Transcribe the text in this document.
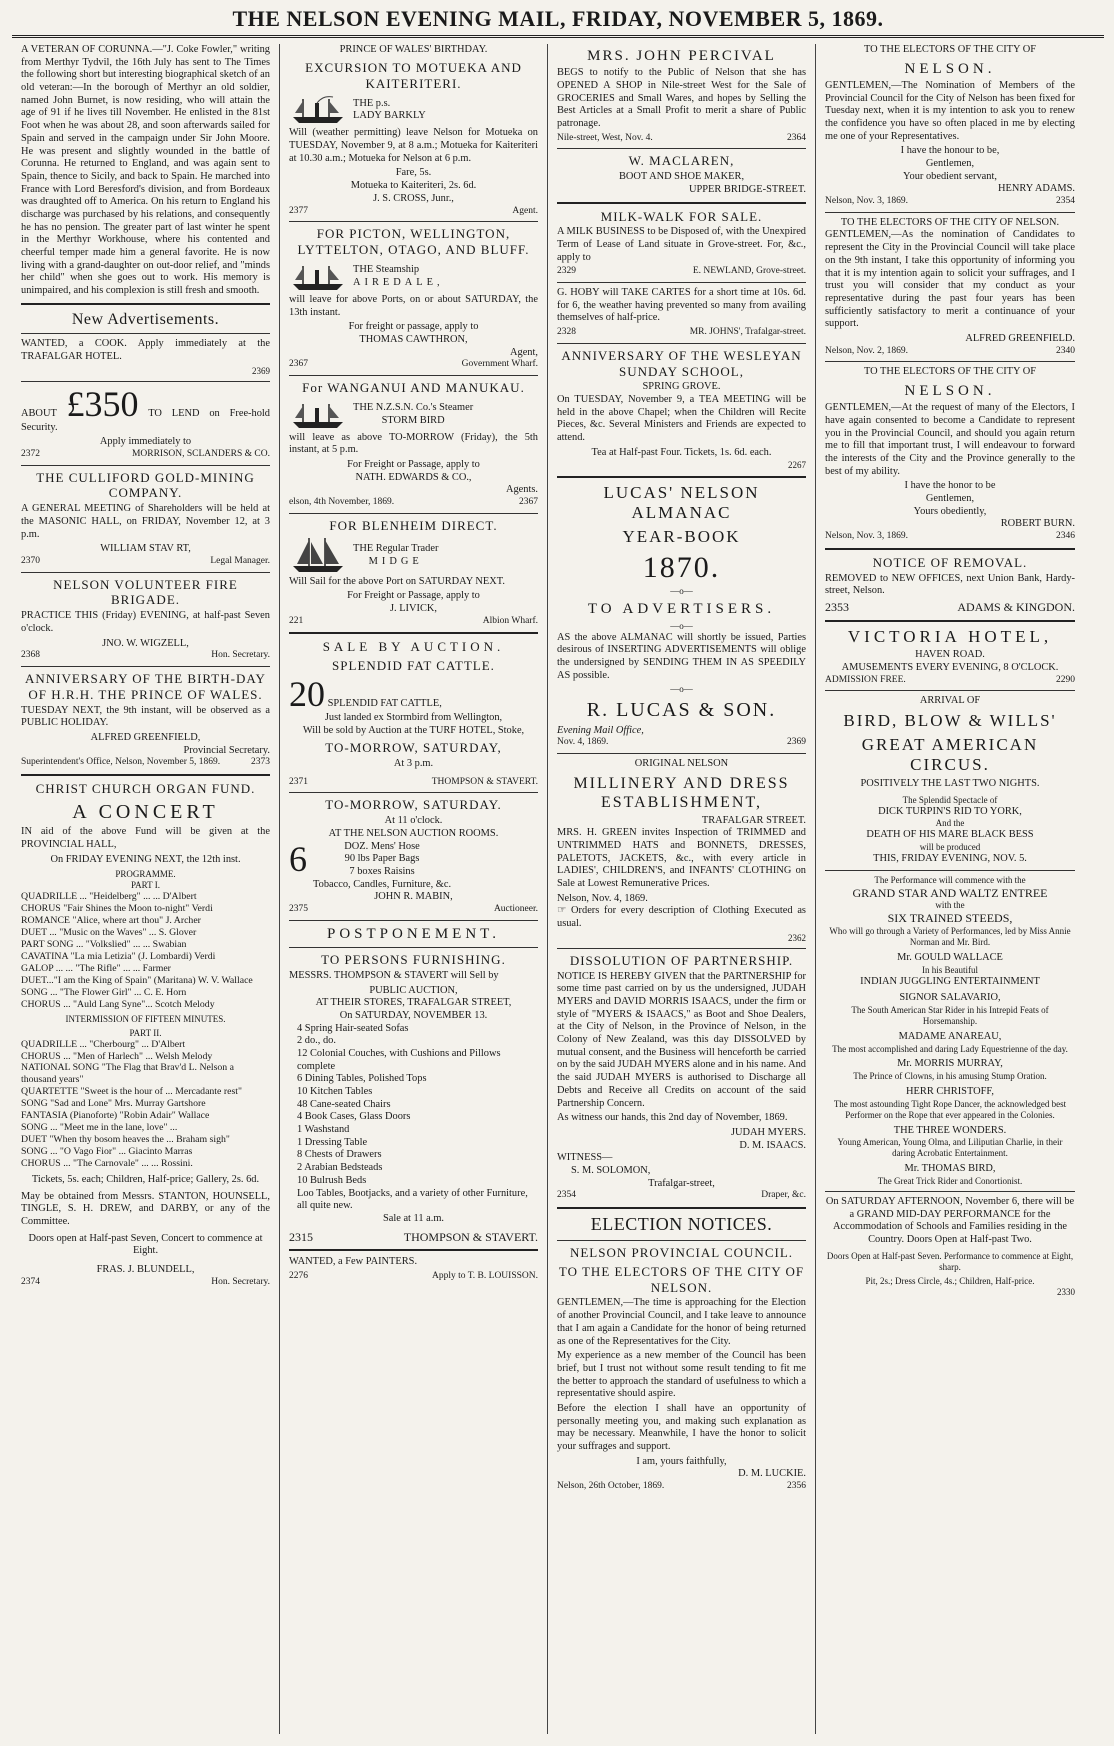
THE NELSON EVENING MAIL, FRIDAY, NOVEMBER 5, 1869.

A VETERAN OF CORUNNA.—"J. Coke Fowler," writing from Merthyr Tydvil, the 16th July has sent to The Times the following short but interesting biographical sketch of an old veteran:—In the borough of Merthyr an old soldier, named John Burnet, is now residing, who will attain the age of 91 if he lives till November. He enlisted in the 81st Foot when he was about 28, and soon afterwards sailed for Spain and served in the campaign under Sir John Moore. He was present and slightly wounded in the battle of Corunna. He returned to England, and was again sent to Spain, thence to Sicily, and back to Spain. He marched into France with Lord Beresford's division, and from Bordeaux was draughted off to America. On his return to England his discharge was purchased by his relations, and consequently he has no pension. The greater part of last winter he spent in the Merthyr Workhouse, where his contented and cheerful temper made him a general favorite. He is now living with a grand-daughter on out-door relief, and "minds her child" when she goes out to work. His memory is unimpaired, and his complexion is still fresh and smooth.

New Advertisements.

WANTED, a COOK. Apply immediately at the TRAFALGAR HOTEL.

2369

ABOUT £350 TO LEND on Free-hold Security.

Apply immediately to
2372	MORRISON, SCLANDERS & CO.
THE CULLIFORD GOLD-MINING COMPANY.

A GENERAL MEETING of Shareholders will be held at the MASONIC HALL, on FRIDAY, November 12, at 3 p.m.

WILLIAM STAV RT,
2370	Legal Manager.
NELSON VOLUNTEER FIRE BRIGADE.

PRACTICE THIS (Friday) EVENING, at half-past Seven o'clock.

JNO. W. WIGZELL,
2368	Hon. Secretary.
ANNIVERSARY OF THE BIRTH-DAY OF H.R.H. THE PRINCE OF WALES.

TUESDAY NEXT, the 9th instant, will be observed as a PUBLIC HOLIDAY.

ALFRED GREENFIELD,
Provincial Secretary.
Superintendent's Office, Nelson, November 5, 1869.	2373
CHRIST CHURCH ORGAN FUND.
A CONCERT

IN aid of the above Fund will be given at the PROVINCIAL HALL,

On FRIDAY EVENING NEXT, the 12th inst.
PROGRAMME.
PART I.
QUADRILLE ... "Heidelberg" ... ... D'Albert
CHORUS "Fair Shines the Moon to-night" Verdi
ROMANCE "Alice, where art thou" J. Archer
DUET ... "Music on the Waves" ... S. Glover
PART SONG ... "Volkslied" ... ... Swabian
CAVATINA "La mia Letizia" (J. Lombardi) Verdi
GALOP ... ... "The Rifle" ... ... Farmer
DUET..."I am the King of Spain" (Maritana) W. V. Wallace
SONG ... "The Flower Girl" ... C. E. Horn
CHORUS ... "Auld Lang Syne"... Scotch Melody
INTERMISSION OF FIFTEEN MINUTES.
PART II.
QUADRILLE ... "Cherbourg" ... D'Albert
CHORUS ... "Men of Harlech" ... Welsh Melody
NATIONAL SONG "The Flag that Brav'd L. Nelson a thousand years"
QUARTETTE "Sweet is the hour of ... Mercadante rest"
SONG "Sad and Lone" Mrs. Murray Gartshore
FANTASIA (Pianoforte) "Robin Adair" Wallace
SONG ... "Meet me in the lane, love" ...
DUET "When thy bosom heaves the ... Braham sigh"
SONG ... "O Vago Fior" ... Giacinto Marras
CHORUS ... "The Carnovale" ... ... Rossini.
Tickets, 5s. each; Children, Half-price; Gallery, 2s. 6d.

May be obtained from Messrs. STANTON, HOUNSELL, TINGLE, S. H. DREW, and DARBY, or any of the Committee.

Doors open at Half-past Seven, Concert to commence at Eight.
FRAS. J. BLUNDELL,
2374	Hon. Secretary.
PRINCE OF WALES' BIRTHDAY.
EXCURSION TO MOTUEKA AND KAITERITERI.
THE p.s.
LADY BARKLY

Will (weather permitting) leave Nelson for Motueka on TUESDAY, November 9, at 8 a.m.; Motueka for Kaiteriteri at 10.30 a.m.; Motueka for Nelson at 6 p.m.

Fare, 5s.
Motueka to Kaiteriteri, 2s. 6d.
J. S. CROSS, Junr.,
2377	Agent.
FOR PICTON, WELLINGTON, LYTTELTON, OTAGO, AND BLUFF.
THE Steamship
AIREDALE,

will leave for above Ports, on or about SATURDAY, the 13th instant.

For freight or passage, apply to
THOMAS CAWTHRON,
Agent,
2367	Government Wharf.
For WANGANUI AND MANUKAU.
THE N.Z.S.N. Co.'s Steamer
STORM BIRD

will leave as above TO-MORROW (Friday), the 5th instant, at 5 p.m.

For Freight or Passage, apply to
NATH. EDWARDS & CO.,
Agents.
elson, 4th November, 1869.	2367
FOR BLENHEIM DIRECT.
THE Regular Trader
MIDGE

Will Sail for the above Port on SATURDAY NEXT.

For Freight or Passage, apply to
J. LIVICK,
221	Albion Wharf.
SALE BY AUCTION.
SPLENDID FAT CATTLE.
20 SPLENDID FAT CATTLE,
Just landed ex Stormbird from Wellington,
Will be sold by Auction at the TURF HOTEL, Stoke,
TO-MORROW, SATURDAY,
At 3 p.m.
2371	THOMPSON & STAVERT.
TO-MORROW, SATURDAY.
At 11 o'clock.
AT THE NELSON AUCTION ROOMS.
6	DOZ. Mens' Hose
90 lbs Paper Bags
7 boxes Raisins
Tobacco, Candles, Furniture, &c.
JOHN R. MABIN,
2375	Auctioneer.
POSTPONEMENT.
TO PERSONS FURNISHING.

MESSRS. THOMPSON & STAVERT will Sell by

PUBLIC AUCTION,
AT THEIR STORES, TRAFALGAR STREET,
On SATURDAY, NOVEMBER 13.
4 Spring Hair-seated Sofas
2 do., do.
12 Colonial Couches, with Cushions and Pillows complete
6 Dining Tables, Polished Tops
10 Kitchen Tables
48 Cane-seated Chairs
4 Book Cases, Glass Doors
1 Washstand
1 Dressing Table
8 Chests of Drawers
2 Arabian Bedsteads
10 Bulrush Beds
Loo Tables, Bootjacks, and a variety of other Furniture, all quite new.
Sale at 11 a.m.
2315	THOMPSON & STAVERT.

WANTED, a Few PAINTERS.

2276	Apply to T. B. LOUISSON.
MRS. JOHN PERCIVAL

BEGS to notify to the Public of Nelson that she has OPENED A SHOP in Nile-street West for the Sale of GROCERIES and Small Wares, and hopes by Selling the Best Articles at a Small Profit to merit a share of Public patronage.

Nile-street, West, Nov. 4.	2364
W. MACLAREN,
BOOT AND SHOE MAKER,
UPPER BRIDGE-STREET.
MILK-WALK FOR SALE.

A MILK BUSINESS to be Disposed of, with the Unexpired Term of Lease of Land situate in Grove-street. For, &c., apply to

2329	E. NEWLAND, Grove-street.

G. HOBY will TAKE CARTES for a short time at 10s. 6d. for 6, the weather having prevented so many from availing themselves of half-price.

2328	MR. JOHNS', Trafalgar-street.
ANNIVERSARY OF THE WESLEYAN SUNDAY SCHOOL,
SPRING GROVE.

On TUESDAY, November 9, a TEA MEETING will be held in the above Chapel; when the Children will Recite Pieces, &c. Several Ministers and Friends are expected to attend.

Tea at Half-past Four. Tickets, 1s. 6d. each.
2267
LUCAS' NELSON ALMANAC
YEAR-BOOK
1870.
—o—
TO ADVERTISERS.
—o—

AS the above ALMANAC will shortly be issued, Parties desirous of INSERTING ADVERTISEMENTS will oblige the undersigned by SENDING THEM IN AS SPEEDILY AS possible.

—o—
R. LUCAS & SON.
Evening Mail Office,
Nov. 4, 1869.	2369
ORIGINAL NELSON
MILLINERY AND DRESS ESTABLISHMENT,
TRAFALGAR STREET.

MRS. H. GREEN invites Inspection of TRIMMED and UNTRIMMED HATS and BONNETS, DRESSES, PALETOTS, JACKETS, &c., with every article in LADIES', CHILDREN'S, and INFANTS' CLOTHING on Sale at Lowest Remunerative Prices.

Nelson, Nov. 4, 1869.

☞ Orders for every description of Clothing Executed as usual.

2362
DISSOLUTION OF PARTNERSHIP.

NOTICE IS HEREBY GIVEN that the PARTNERSHIP for some time past carried on by us the undersigned, JUDAH MYERS and DAVID MORRIS ISAACS, under the firm or style of "MYERS & ISAACS," as Boot and Shoe Dealers, at the City of Nelson, in the Province of Nelson, in the Colony of New Zealand, was this day DISSOLVED by mutual consent, and the Business will henceforth be carried on by the said JUDAH MYERS alone and in his name. And the said JUDAH MYERS is authorised to Discharge all Debts and Receive all Credits on account of the said Partnership Concern.

As witness our hands, this 2nd day of November, 1869.

JUDAH MYERS.
D. M. ISAACS.
WITNESS—
S. M. SOLOMON,
Trafalgar-street,
2354	Draper, &c.
ELECTION NOTICES.
NELSON PROVINCIAL COUNCIL.
TO THE ELECTORS OF THE CITY OF NELSON.

GENTLEMEN,—The time is approaching for the Election of another Provincial Council, and I take leave to announce that I am again a Candidate for the honor of being returned as one of the Representatives for the City.

My experience as a new member of the Council has been brief, but I trust not without some result tending to fit me the better to approach the standard of usefulness to which a representative should aspire.

Before the election I shall have an opportunity of personally meeting you, and making such explanation as may be necessary. Meanwhile, I have the honor to solicit your suffrages and support.

I am, yours faithfully,
D. M. LUCKIE.
Nelson, 26th October, 1869.	2356
TO THE ELECTORS OF THE CITY OF
NELSON.

GENTLEMEN,—The Nomination of Members of the Provincial Council for the City of Nelson has been fixed for Tuesday next, when it is my intention to ask you to renew the confidence you have so often placed in me by electing me one of your Representatives.

I have the honour to be,
Gentlemen,
Your obedient servant,
HENRY ADAMS.
Nelson, Nov. 3, 1869.	2354
TO THE ELECTORS OF THE CITY OF NELSON.

GENTLEMEN,—As the nomination of Candidates to represent the City in the Provincial Council will take place on the 9th instant, I take this opportunity of informing you that it is my intention again to solicit your suffrages, and I trust you will consider that my conduct as your representative during the past four years has been sufficiently satisfactory to merit a continuance of your support.

ALFRED GREENFIELD.
Nelson, Nov. 2, 1869.	2340
TO THE ELECTORS OF THE CITY OF
NELSON.

GENTLEMEN,—At the request of many of the Electors, I have again consented to become a Candidate to represent you in the Provincial Council, and should you again return me to fill that important trust, I will endeavour to forward the interests of the City and the Province generally to the best of my ability.

I have the honor to be
Gentlemen,
Yours obediently,
ROBERT BURN.
Nelson, Nov. 3, 1869.	2346
NOTICE OF REMOVAL.

REMOVED to NEW OFFICES, next Union Bank, Hardy-street, Nelson.

2353	ADAMS & KINGDON.
VICTORIA HOTEL,
HAVEN ROAD.
AMUSEMENTS EVERY EVENING, 8 O'CLOCK.
ADMISSION FREE.	2290
ARRIVAL OF
BIRD, BLOW & WILLS'
GREAT AMERICAN CIRCUS.
POSITIVELY THE LAST TWO NIGHTS.
The Splendid Spectacle of
DICK TURPIN'S RID TO YORK,
And the
DEATH OF HIS MARE BLACK BESS
will be produced
THIS, FRIDAY EVENING, NOV. 5.
The Performance will commence with the
GRAND STAR AND WALTZ ENTREE
with the
SIX TRAINED STEEDS,
Who will go through a Variety of Performances, led by Miss Annie Norman and Mr. Bird.
Mr. GOULD WALLACE
In his Beautiful
INDIAN JUGGLING ENTERTAINMENT
SIGNOR SALAVARIO,
The South American Star Rider in his Intrepid Feats of Horsemanship.
MADAME ANAREAU,
The most accomplished and daring Lady Equestrienne of the day.
Mr. MORRIS MURRAY,
The Prince of Clowns, in his amusing Stump Oration.
HERR CHRISTOFF,
The most astounding Tight Rope Dancer, the acknowledged best Performer on the Rope that ever appeared in the Colonies.
THE THREE WONDERS.
Young American, Young Olma, and Liliputian Charlie, in their daring Acrobatic Entertainment.
Mr. THOMAS BIRD,
The Great Trick Rider and Conortionist.

On SATURDAY AFTERNOON, November 6, there will be a GRAND MID-DAY PERFORMANCE for the Accommodation of Schools and Families residing in the Country. Doors Open at Half-past Two.

Doors Open at Half-past Seven. Performance to commence at Eight, sharp.
Pit, 2s.; Dress Circle, 4s.; Children, Half-price.
2330
